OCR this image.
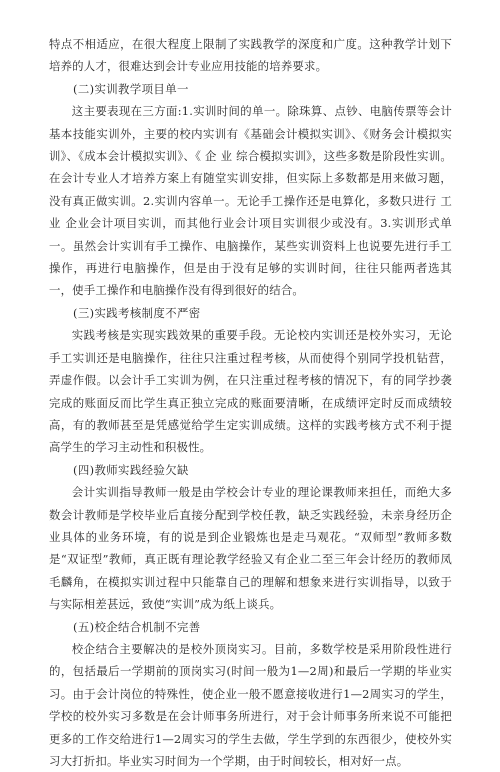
特点不相适应，在很大程度上限制了实践教学的深度和广度。这种教学计划下培养的人才，很难达到会计专业应用技能的培养要求。

(二)实训教学项目单一

这主要表现在三方面:1.实训时间的单一。除珠算、点钞、电脑传票等会计基本技能实训外，主要的校内实训有《基础会计模拟实训》、《财务会计模拟实训》、《成本会计模拟实训》、《 企 业 综合模拟实训》，这些多数是阶段性实训。在会计专业人才培养方案上有随堂实训安排，但实际上多数都是用来做习题，没有真正做实训。2.实训内容单一。无论手工操作还是电算化，多数只进行 工业 企业会计项目实训，而其他行业会计项目实训很少或没有。3.实训形式单一。虽然会计实训有手工操作、电脑操作，某些实训资料上也说要先进行手工操作，再进行电脑操作，但是由于没有足够的实训时间，往往只能两者选其一，使手工操作和电脑操作没有得到很好的结合。

(三)实践考核制度不严密

实践考核是实现实践效果的重要手段。无论校内实训还是校外实习，无论手工实训还是电脑操作，往往只注重过程考核，从而使得个别同学投机钻营，弄虚作假。以会计手工实训为例，在只注重过程考核的情况下，有的同学抄袭完成的账面反而比学生真正独立完成的账面要清晰，在成绩评定时反而成绩较高，有的教师甚至是凭感觉给学生定实训成绩。这样的实践考核方式不利于提高学生的学习主动性和积极性。

(四)教师实践经验欠缺

会计实训指导教师一般是由学校会计专业的理论课教师来担任，而绝大多数会计教师是学校毕业后直接分配到学校任教，缺乏实践经验，未亲身经历企业具体的业务环境，有的说是到企业锻炼也是走马观花。“双师型”教师多数是“双证型”教师，真正既有理论教学经验又有企业二至三年会计经历的教师凤毛麟角，在模拟实训过程中只能靠自己的理解和想象来进行实训指导，以致于与实际相差甚远，致使“实训”成为纸上谈兵。

(五)校企结合机制不完善

校企结合主要解决的是校外顶岗实习。目前，多数学校是采用阶段性进行的，包括最后一学期前的顶岗实习(时间一般为1—2周)和最后一学期的毕业实习。由于会计岗位的特殊性，使企业一般不愿意接收进行1—2周实习的学生，学校的校外实习多数是在会计师事务所进行，对于会计师事务所来说不可能把更多的工作交给进行1—2周实习的学生去做，学生学到的东西很少，使校外实习大打折扣。毕业实习时间为一个学期，由于时间较长，相对好一点。
